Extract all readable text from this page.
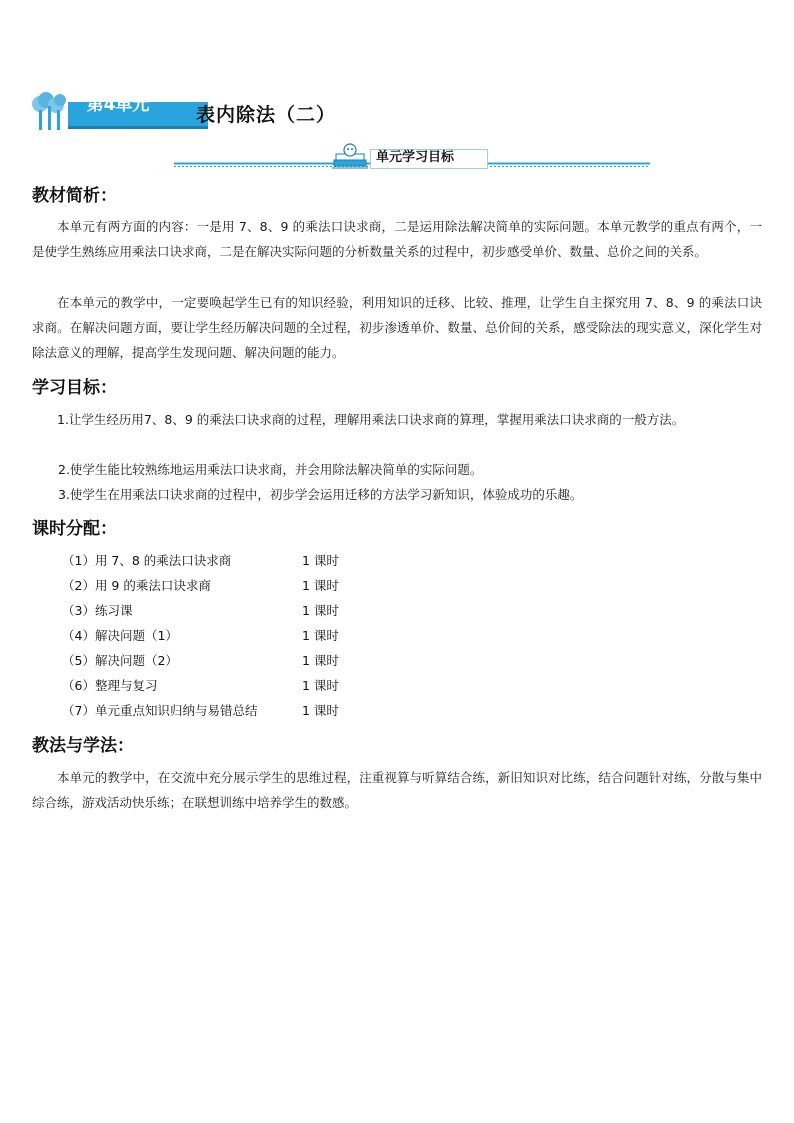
第4单元	表内除法（二）
单元学习目标
教材简析：
本单元有两方面的内容：一是用 7、8、9 的乘法口诀求商，二是运用除法解决简单的实际问题。本单元教学的重点有两个，一是使学生熟练应用乘法口诀求商，二是在解决实际问题的分析数量关系的过程中，初步感受单价、数量、总价之间的关系。
在本单元的教学中，一定要唤起学生已有的知识经验，利用知识的迁移、比较、推理，让学生自主探究用 7、8、9 的乘法口诀求商。在解决问题方面，要让学生经历解决问题的全过程，初步渗透单价、数量、总价间的关系，感受除法的现实意义，深化学生对除法意义的理解，提高学生发现问题、解决问题的能力。
学习目标：
1.让学生经历用7、8、9 的乘法口诀求商的过程，理解用乘法口诀求商的算理，掌握用乘法口诀求商的一般方法。
2.使学生能比较熟练地运用乘法口诀求商，并会用除法解决简单的实际问题。
3.使学生在用乘法口诀求商的过程中，初步学会运用迁移的方法学习新知识，体验成功的乐趣。
课时分配：
（1）用 7、8 的乘法口诀求商	1 课时
（2）用 9 的乘法口诀求商	1 课时
（3）练习课	1 课时
（4）解决问题（1）	1 课时
（5）解决问题（2）	1 课时
（6）整理与复习	1 课时
（7）单元重点知识归纳与易错总结	1 课时
教法与学法：
本单元的教学中，在交流中充分展示学生的思维过程，注重视算与听算结合练，新旧知识对比练，结合问题针对练，分散与集中综合练，游戏活动快乐练；在联想训练中培养学生的数感。
